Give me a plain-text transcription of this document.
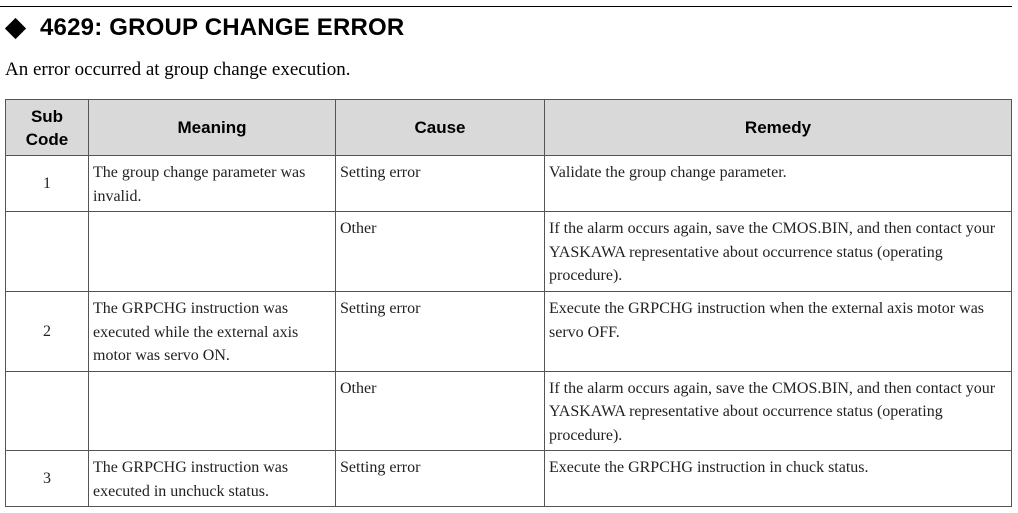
4629: GROUP CHANGE ERROR
An error occurred at group change execution.
Sub
Code	Meaning	Cause	Remedy
1	The group change parameter was invalid.	Setting error	Validate the group change parameter.
		Other	If the alarm occurs again, save the CMOS.BIN, and then contact your YASKAWA representative about occurrence status (operating procedure).
2	The GRPCHG instruction was executed while the external axis motor was servo ON.	Setting error	Execute the GRPCHG instruction when the external axis motor was servo OFF.
		Other	If the alarm occurs again, save the CMOS.BIN, and then contact your YASKAWA representative about occurrence status (operating procedure).
3	The GRPCHG instruction was executed in unchuck status.	Setting error	Execute the GRPCHG instruction in chuck status.
